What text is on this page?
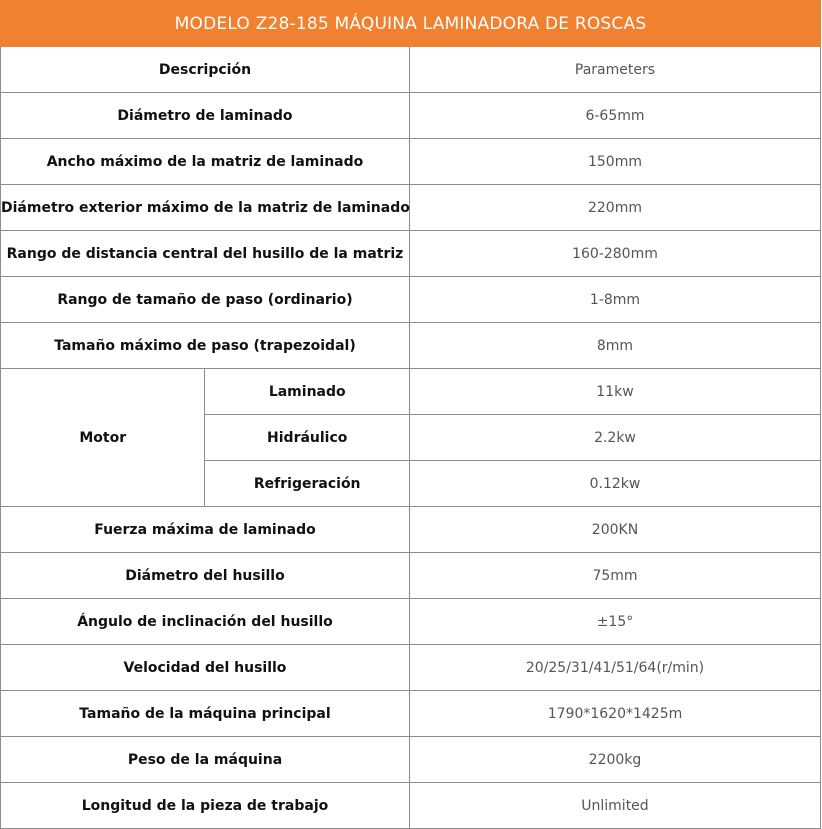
MODELO Z28-185 MÁQUINA LAMINADORA DE ROSCAS		
Descripción		Parameters
Diámetro de laminado		6-65mm
Ancho máximo de la matriz de laminado		150mm
Diámetro exterior máximo de la matriz de laminado		220mm
Rango de distancia central del husillo de la matriz		160-280mm
Rango de tamaño de paso (ordinario)		1-8mm
Tamaño máximo de paso (trapezoidal)		8mm
Motor	Laminado	11kw
	Hidráulico	2.2kw
	Refrigeración	0.12kw
Fuerza máxima de laminado		200KN
Diámetro del husillo		75mm
Ángulo de inclinación del husillo		±15°
Velocidad del husillo		20/25/31/41/51/64(r/min)
Tamaño de la máquina principal		1790*1620*1425m
Peso de la máquina		2200kg
Longitud de la pieza de trabajo		Unlimited
